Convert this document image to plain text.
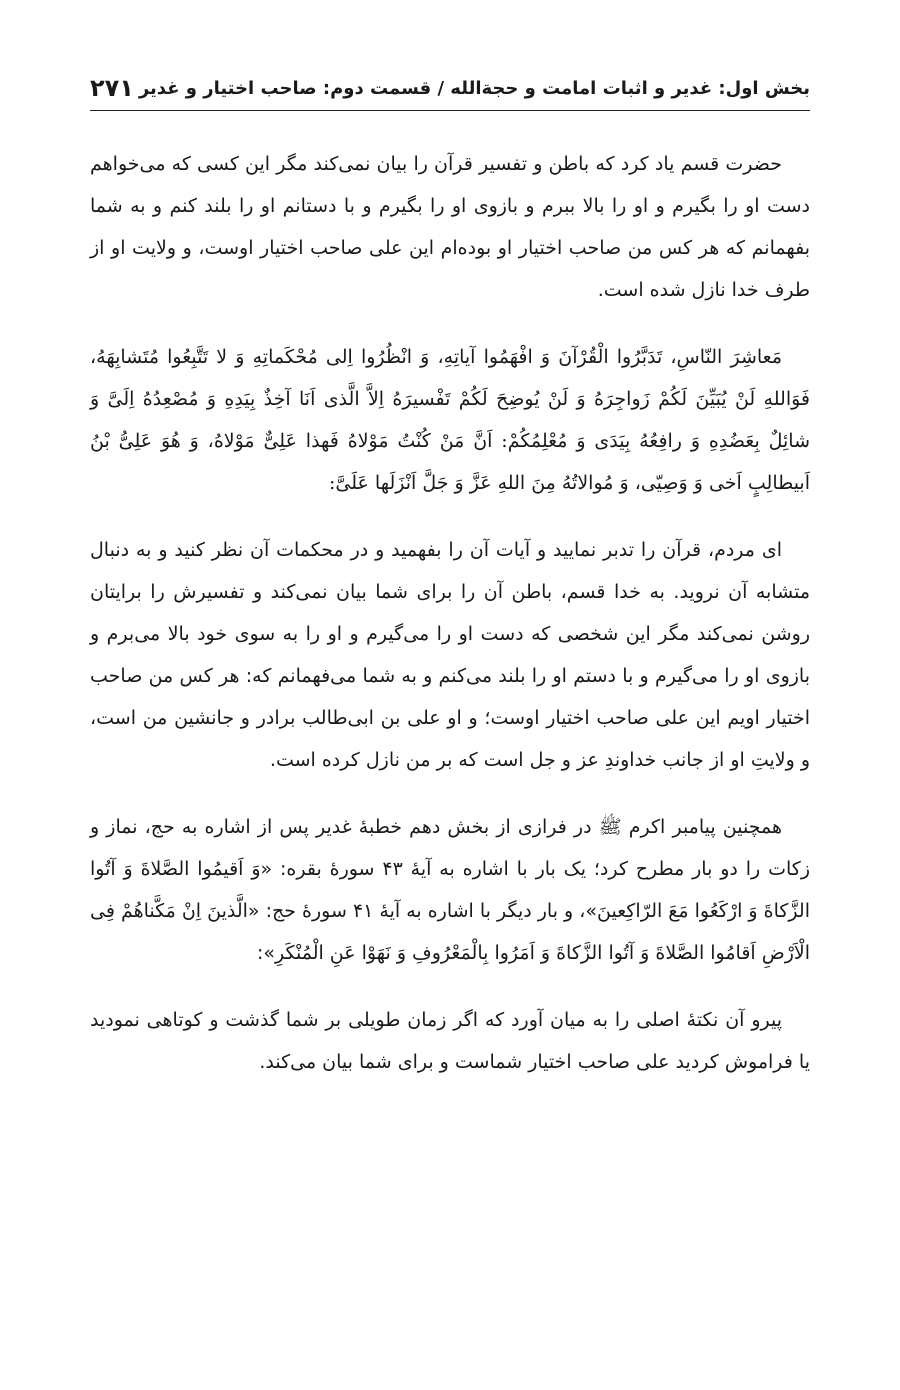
۲۷۱ بخش اول: غدیر و اثبات امامت و حجةالله / قسمت دوم: صاحب اختیار و غدیر

حضرت قسم یاد کرد که باطن و تفسیر قرآن را بیان نمی‌کند مگر این کسی که می‌خواهم دست او را بگیرم و او را بالا ببرم و بازوی او را بگیرم و با دستانم او را بلند کنم و به شما بفهمانم که هر کس من صاحب اختیار او بوده‌ام این علی صاحب اختیار اوست، و ولایت او از طرف خدا نازل شده است.

مَعاشِرَ النّاسِ، تَدَبَّرُوا الْقُرْآنَ وَ افْهَمُوا آیاتِهِ، وَ انْظُرُوا اِلی مُحْکَماتِهِ وَ لا تَتَّبِعُوا مُتَشابِهَهُ، فَوَاللهِ لَنْ یُبَیِّنَ لَکُمْ زَواجِرَهُ وَ لَنْ یُوضِحَ لَکُمْ تَفْسیرَهُ اِلاَّ الَّذی اَنَا آخِذٌ بِیَدِهِ وَ مُصْعِدُهُ اِلَیَّ وَ شائِلٌ بِعَضُدِهِ وَ رافِعُهُ بِیَدَی وَ مُعْلِمُکُمْ: اَنَّ مَنْ کُنْتُ مَوْلاهُ فَهذا عَلِیٌّ مَوْلاهُ، وَ هُوَ عَلِیُّ بْنُ اَبیطالِبٍ اَخی وَ وَصِیّی، وَ مُوالاتُهُ مِنَ اللهِ عَزَّ وَ جَلَّ اَنْزَلَها عَلَیَّ:

ای مردم، قرآن را تدبر نمایید و آیات آن را بفهمید و در محکمات آن نظر کنید و به دنبال متشابه آن نروید. به خدا قسم، باطن آن را برای شما بیان نمی‌کند و تفسیرش را برایتان روشن نمی‌کند مگر این شخصی که دست او را می‌گیرم و او را به سوی خود بالا می‌برم و بازوی او را می‌گیرم و با دستم او را بلند می‌کنم و به شما می‌فهمانم که: هر کس من صاحب اختیار اویم این علی صاحب اختیار اوست؛ و او علی بن ابی‌طالب برادر و جانشین من است، و ولایتِ او از جانب خداوندِ عز و جل است که بر من نازل کرده است.

همچنین پیامبر اکرم ﷺ در فرازی از بخش دهم خطبهٔ غدیر پس از اشاره به حج، نماز و زکات را دو بار مطرح کرد؛ یک بار با اشاره به آیهٔ ۴۳ سورهٔ بقره: «وَ اَقیمُوا الصَّلاةَ وَ آتُوا الزَّکاةَ وَ ارْکَعُوا مَعَ الرّاکِعینَ»، و بار دیگر با اشاره به آیهٔ ۴۱ سورهٔ حج: «الَّذینَ اِنْ مَکَّناهُمْ فِی الْاَرْضِ اَقامُوا الصَّلاةَ وَ آتُوا الزَّکاةَ وَ اَمَرُوا بِالْمَعْرُوفِ وَ نَهَوْا عَنِ الْمُنْکَرِ»:

پیرو آن نکتهٔ اصلی را به میان آورد که اگر زمان طویلی بر شما گذشت و کوتاهی نمودید یا فراموش کردید علی صاحب اختیار شماست و برای شما بیان می‌کند.
